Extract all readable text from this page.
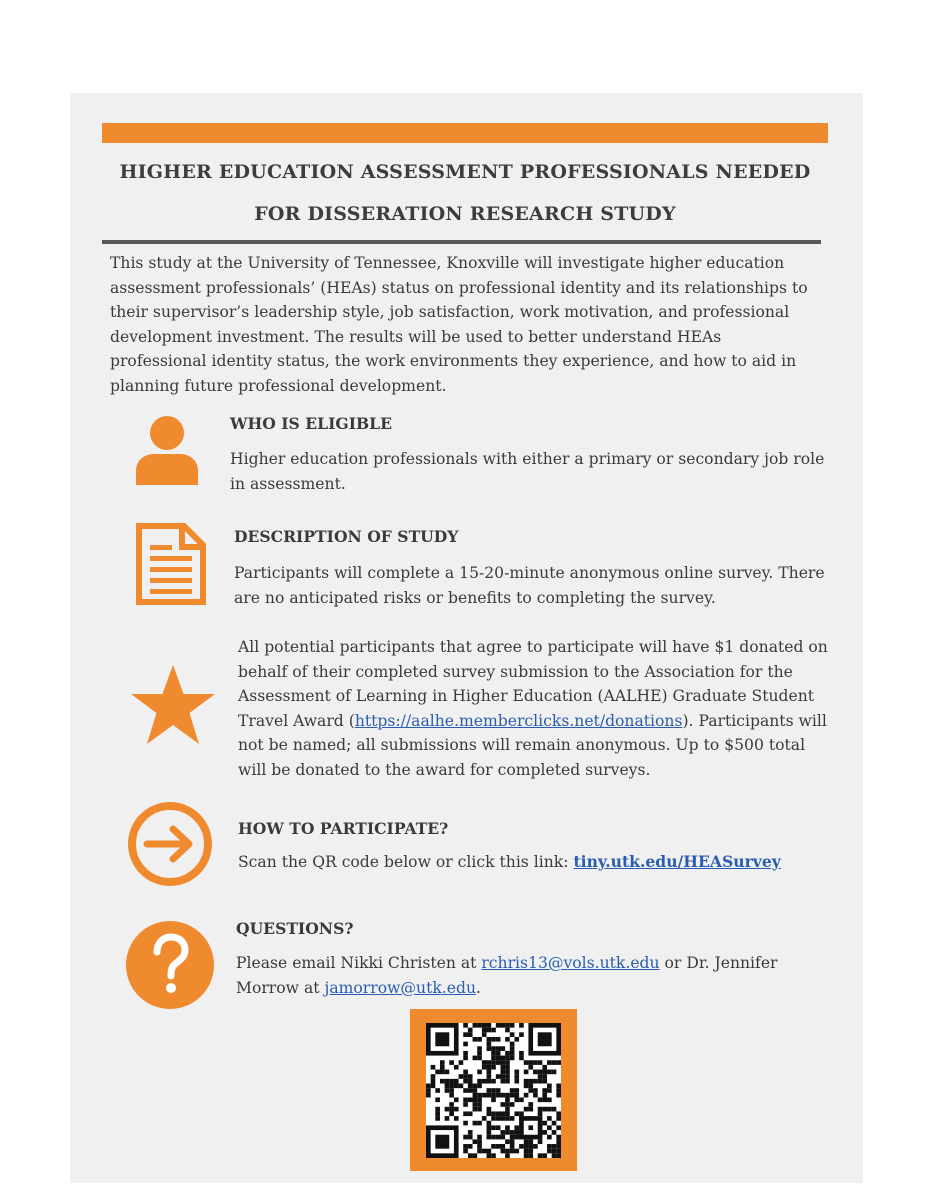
HIGHER EDUCATION ASSESSMENT PROFESSIONALS NEEDED
FOR DISSERATION RESEARCH STUDY

This study at the University of Tennessee, Knoxville will investigate higher education assessment professionals’ (HEAs) status on professional identity and its relationships to their supervisor’s leadership style, job satisfaction, work motivation, and professional development investment. The results will be used to better understand HEAs professional identity status, the work environments they experience, and how to aid in planning future professional development.

WHO IS ELIGIBLE

Higher education professionals with either a primary or secondary job role in assessment.

DESCRIPTION OF STUDY

Participants will complete a 15-20-minute anonymous online survey. There are no anticipated risks or benefits to completing the survey.

All potential participants that agree to participate will have $1 donated on behalf of their completed survey submission to the Association for the Assessment of Learning in Higher Education (AALHE) Graduate Student Travel Award (https://aalhe.memberclicks.net/donations). Participants will not be named; all submissions will remain anonymous. Up to $500 total will be donated to the award for completed surveys.

HOW TO PARTICIPATE?

Scan the QR code below or click this link: tiny.utk.edu/HEASurvey

QUESTIONS?

Please email Nikki Christen at rchris13@vols.utk.edu or Dr. Jennifer Morrow at jamorrow@utk.edu.
